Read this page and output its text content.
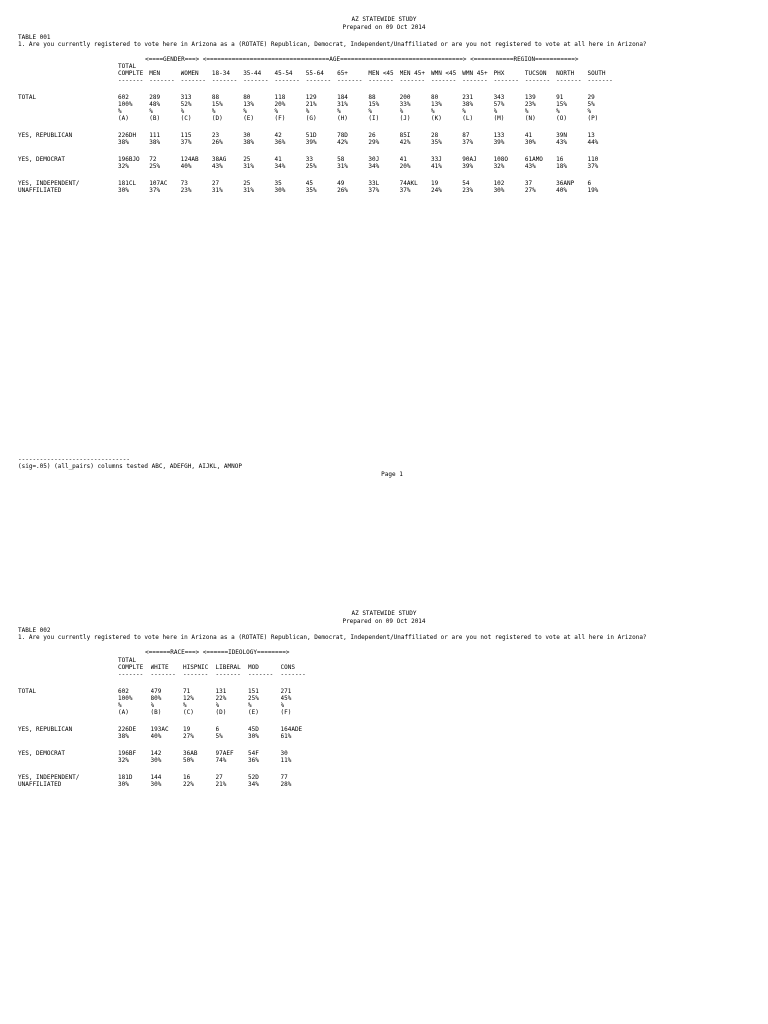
AZ STATEWIDE STUDY
Prepared on 09 Oct 2014
TABLE 001
1. Are you currently registered to vote here in Arizona as a (ROTATE) Republican, Democrat, Independent/Unaffiliated or are you not registered to vote at all here in Arizona?
<====GENDER===> <==================================AGE==================================> <===========REGION===========>
	TOTAL															
	COMPLTE	MEN	WOMEN	18-34	35-44	45-54	55-64	65+	MEN <45	MEN 45+	WMN <45	WMN 45+	PHX	TUCSON	NORTH	SOUTH
	-------	-------	-------	-------	-------	-------	-------	-------	-------	-------	-------	-------	-------	-------	-------	-------

TOTAL	602	289	313	88	80	118	129	184	88	200	80	231	343	139	91	29
	100%	48%	52%	15%	13%	20%	21%	31%	15%	33%	13%	38%	57%	23%	15%	5%
	%	%	%	%	%	%	%	%	%	%	%	%	%	%	%	%
	(A)	(B)	(C)	(D)	(E)	(F)	(G)	(H)	(I)	(J)	(K)	(L)	(M)	(N)	(O)	(P)

YES, REPUBLICAN	226DH	111	115	23	30	42	51D	78D	26	85I	28	87	133	41	39N	13
	38%	38%	37%	26%	38%	36%	39%	42%	29%	42%	35%	37%	39%	30%	43%	44%

YES, DEMOCRAT	196BJO	72	124AB	38AG	25	41	33	58	30J	41	33J	90AJ	108O	61AMO	16	110
	32%	25%	40%	43%	31%	34%	25%	31%	34%	20%	41%	39%	32%	43%	18%	37%

YES, INDEPENDENT/	181CL	107AC	73	27	25	35	45	49	33L	74AKL	19	54	102	37	36ANP	6
UNAFFILIATED	30%	37%	23%	31%	31%	30%	35%	26%	37%	37%	24%	23%	30%	27%	40%	19%
-------------------------------
(sig=.05) (all_pairs) columns tested ABC, ADEFGH, AIJKL, AMNOP
Page 1
AZ STATEWIDE STUDY
Prepared on 09 Oct 2014
TABLE 002
1. Are you currently registered to vote here in Arizona as a (ROTATE) Republican, Democrat, Independent/Unaffiliated or are you not registered to vote at all here in Arizona?
<======RACE===> <======IDEOLOGY========>
	TOTAL					
	COMPLTE	WHITE	HISPNIC	LIBERAL	MOD	CONS
	-------	-------	-------	-------	-------	-------

TOTAL	602	479	71	131	151	271
	100%	80%	12%	22%	25%	45%
	%	%	%	%	%	%
	(A)	(B)	(C)	(D)	(E)	(F)

YES, REPUBLICAN	226DE	193AC	19	6	45D	164ADE
	38%	40%	27%	5%	30%	61%

YES, DEMOCRAT	196BF	142	36AB	97AEF	54F	30
	32%	30%	50%	74%	36%	11%

YES, INDEPENDENT/	181D	144	16	27	52D	77
UNAFFILIATED	30%	30%	22%	21%	34%	28%
